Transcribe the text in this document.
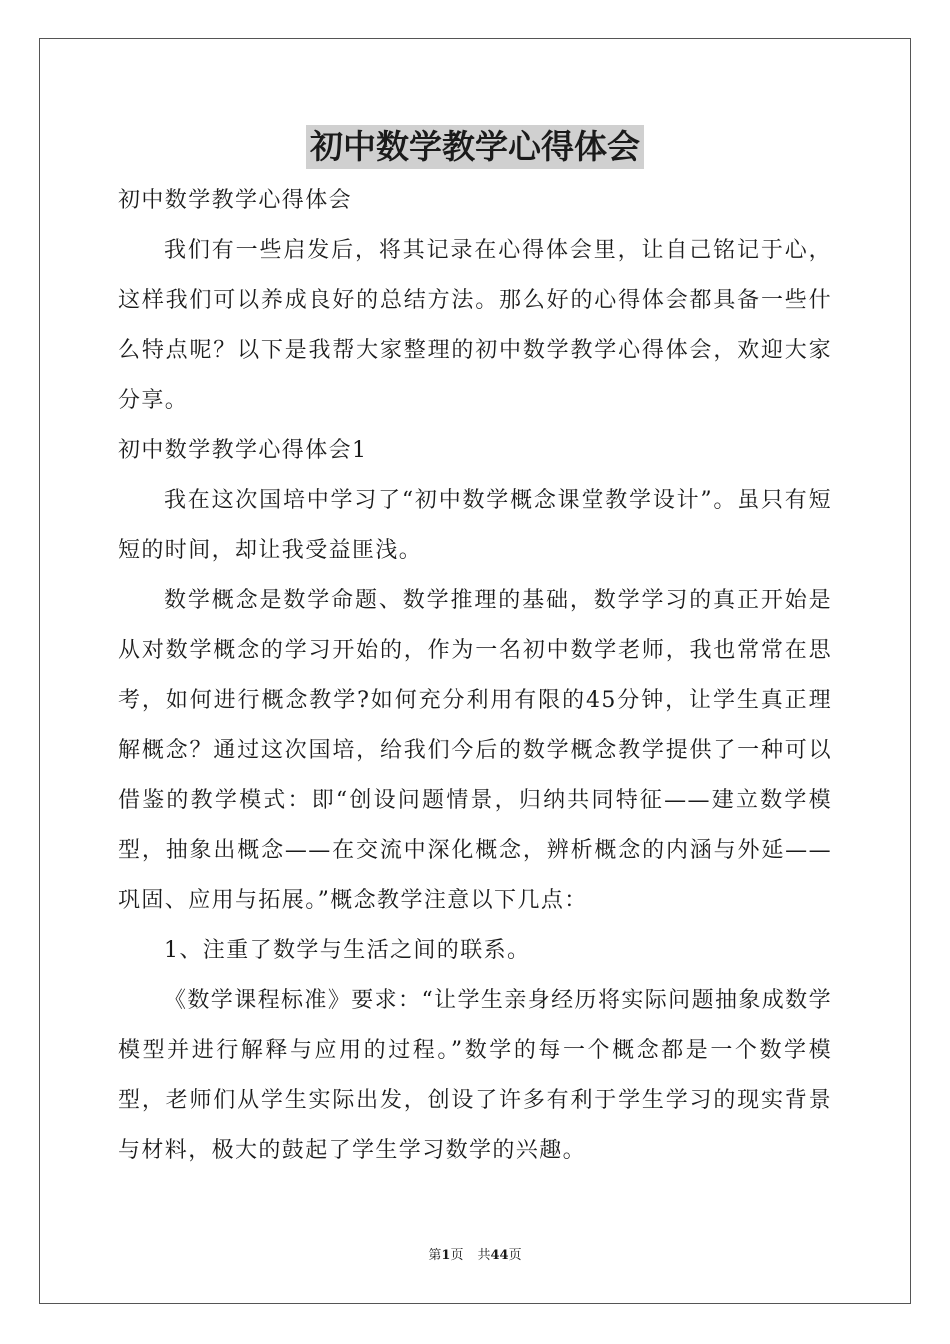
初中数学教学心得体会

初中数学教学心得体会

我们有一些启发后，将其记录在心得体会里，让自己铭记于心，这样我们可以养成良好的总结方法。那么好的心得体会都具备一些什么特点呢？以下是我帮大家整理的初中数学教学心得体会，欢迎大家分享。

初中数学教学心得体会1

我在这次国培中学习了“初中数学概念课堂教学设计”。虽只有短短的时间，却让我受益匪浅。

数学概念是数学命题、数学推理的基础，数学学习的真正开始是从对数学概念的学习开始的，作为一名初中数学老师，我也常常在思考，如何进行概念教学?如何充分利用有限的45分钟，让学生真正理解概念？通过这次国培，给我们今后的数学概念教学提供了一种可以借鉴的教学模式：即“创设问题情景，归纳共同特征——建立数学模型，抽象出概念——在交流中深化概念，辨析概念的内涵与外延——巩固、应用与拓展。”概念教学注意以下几点：

1、注重了数学与生活之间的联系。

《数学课程标准》要求：“让学生亲身经历将实际问题抽象成数学模型并进行解释与应用的过程。”数学的每一个概念都是一个数学模型，老师们从学生实际出发，创设了许多有利于学生学习的现实背景与材料，极大的鼓起了学生学习数学的兴趣。

第1页 共44页
